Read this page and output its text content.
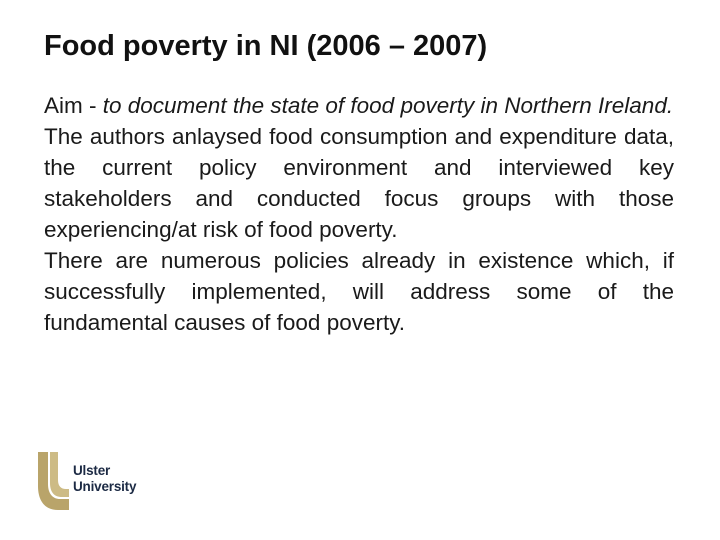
Food poverty in NI (2006 – 2007)

Aim - to document the state of food poverty in Northern Ireland.

The authors anlaysed food consumption and expenditure data, the current policy environment and interviewed key stakeholders and conducted focus groups with those experiencing/at risk of food poverty.

There are numerous policies already in existence which, if successfully implemented, will address some of the fundamental causes of food poverty.

Ulster
University
